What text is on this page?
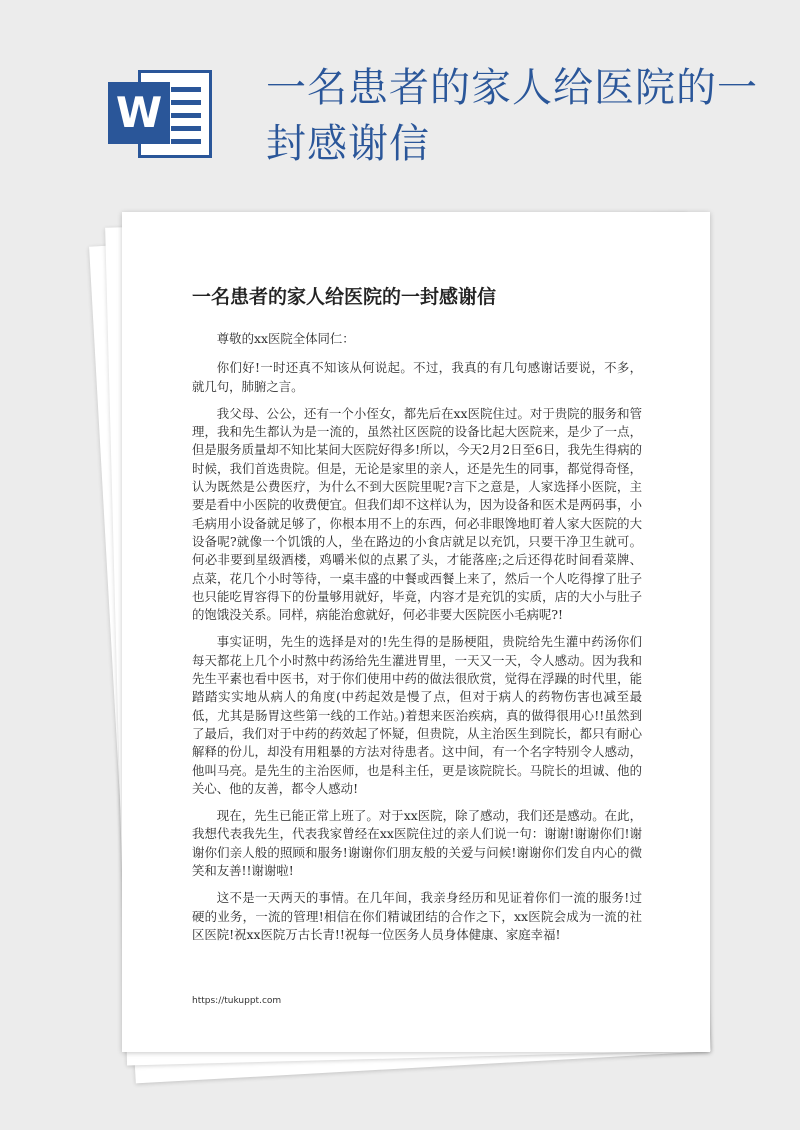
W	一名患者的家人给医院的一封感谢信
一名患者的家人给医院的一封感谢信

尊敬的xx医院全体同仁：

你们好!一时还真不知该从何说起。不过，我真的有几句感谢话要说，不多，就几句，肺腑之言。

我父母、公公，还有一个小侄女，都先后在xx医院住过。对于贵院的服务和管理，我和先生都认为是一流的，虽然社区医院的设备比起大医院来，是少了一点，但是服务质量却不知比某间大医院好得多!所以，今天2月2日至6日，我先生得病的时候，我们首选贵院。但是，无论是家里的亲人，还是先生的同事，都觉得奇怪，认为既然是公费医疗，为什么不到大医院里呢?言下之意是，人家选择小医院，主要是看中小医院的收费便宜。但我们却不这样认为，因为设备和医术是两码事，小毛病用小设备就足够了，你根本用不上的东西，何必非眼馋地盯着人家大医院的大设备呢?就像一个饥饿的人，坐在路边的小食店就足以充饥，只要干净卫生就可。何必非要到星级酒楼，鸡嚼米似的点累了头，才能落座;之后还得花时间看菜牌、点菜，花几个小时等待，一桌丰盛的中餐或西餐上来了，然后一个人吃得撑了肚子也只能吃胃容得下的份量够用就好，毕竟，内容才是充饥的实质，店的大小与肚子的饱饿没关系。同样，病能治愈就好，何必非要大医院医小毛病呢?!

事实证明，先生的选择是对的!先生得的是肠梗阻，贵院给先生灌中药汤你们每天都花上几个小时熬中药汤给先生灌进胃里，一天又一天，令人感动。因为我和先生平素也看中医书，对于你们使用中药的做法很欣赏，觉得在浮躁的时代里，能踏踏实实地从病人的角度(中药起效是慢了点，但对于病人的药物伤害也减至最低，尤其是肠胃这些第一线的工作站。)着想来医治疾病，真的做得很用心!!虽然到了最后，我们对于中药的药效起了怀疑，但贵院，从主治医生到院长，都只有耐心解释的份儿，却没有用粗暴的方法对待患者。这中间，有一个名字特别令人感动，他叫马亮。是先生的主治医师，也是科主任，更是该院院长。马院长的坦诚、他的关心、他的友善，都令人感动!

现在，先生已能正常上班了。对于xx医院，除了感动，我们还是感动。在此，我想代表我先生，代表我家曾经在xx医院住过的亲人们说一句：谢谢!谢谢你们!谢谢你们亲人般的照顾和服务!谢谢你们朋友般的关爱与问候!谢谢你们发自内心的微笑和友善!!谢谢啦!

这不是一天两天的事情。在几年间，我亲身经历和见证着你们一流的服务!过硬的业务，一流的管理!相信在你们精诚团结的合作之下，xx医院会成为一流的社区医院!祝xx医院万古长青!!祝每一位医务人员身体健康、家庭幸福!

https://tukuppt.com
